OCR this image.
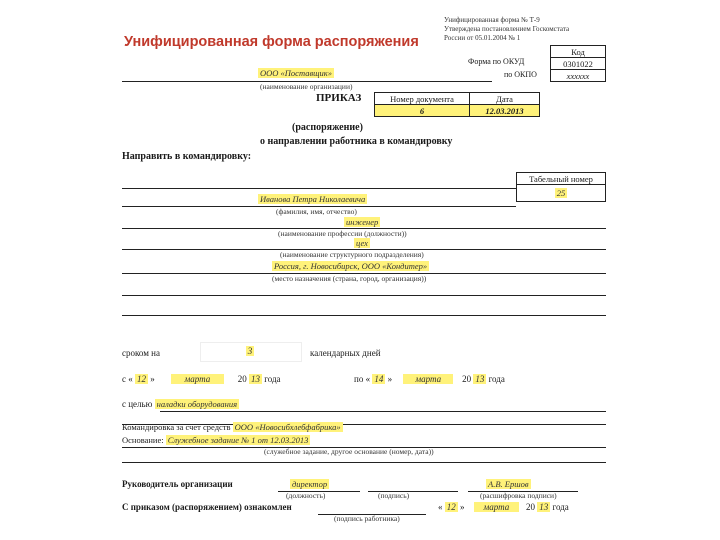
Унифицированная форма распоряжения
Унифицированная форма № Т-9
Утверждена постановлением Госкомстата
России от 05.01.2004 № 1
Код
0301022
хххххх
Форма по ОКУД
по ОКПО
ООО «Поставщик»
(наименование организации)
ПРИКАЗ	Номер документа	Дата
6	12.03.2013
(распоряжение)
о направлении работника в командировку
Направить в командировку:
Табельный номер
25
Иванова Петра Николаевича
(фамилия, имя, отчество)
инженер
(наименование профессии (должности))
цех
(наименование структурного подразделения)
Россия, г. Новосибирск, ООО «Кондитер»
(место назначения (страна, город, организация))
сроком на	3	календарных дней
с « 12 »	марта	20 13 года	по « 14 »	марта 20 13 года
с целью наладки оборудования
Командировка за счет средств ООО «Новосибхлебфабрика»
Основание: Служебное задание № 1 от 12.03.2013
(служебное задание, другое основание (номер, дата))
Руководитель организации	директор	А.В. Ершов
(должность)	(подпись)	(расшифровка подписи)
С приказом (распоряжением) ознакомлен
(подпись работника)
« 12 » марта 20 13 года
